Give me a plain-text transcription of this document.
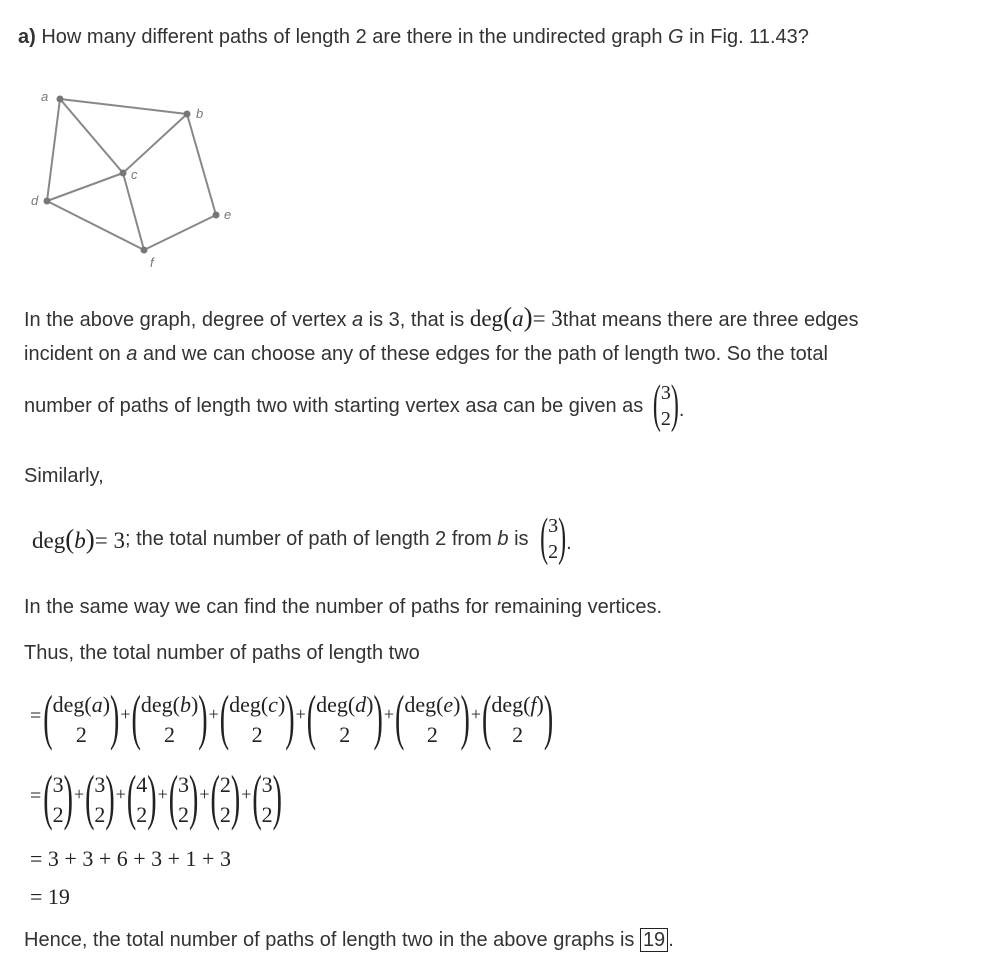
a) How many different paths of length 2 are there in the undirected graph G in Fig. 11.43?
a
b
c
d
e
f
In the above graph, degree of vertex a is 3, that is deg(a)= 3that means there are three edges
incident on a and we can choose any of these edges for the path of length two. So the total
number of paths of length two with starting vertex as a can be given as ( 3
2 ) .
Similarly,
deg(b)= 3 ; the total number of path of length 2 from b is ( 3
2 ) .
In the same way we can find the number of paths for remaining vertices.
Thus, the total number of paths of length two
= ( deg(a)
2 ) + ( deg(b)
2 ) + ( deg(c)
2 ) + ( deg(d)
2 ) + ( deg(e)
2 ) + ( deg(f)
2 )
= ( 3
2 ) + ( 3
2 ) + ( 4
2 ) + ( 3
2 ) + ( 2
2 ) + ( 3
2 )
= 3 + 3 + 6 + 3 + 1 + 3
= 19
Hence, the total number of paths of length two in the above graphs is 19 .
